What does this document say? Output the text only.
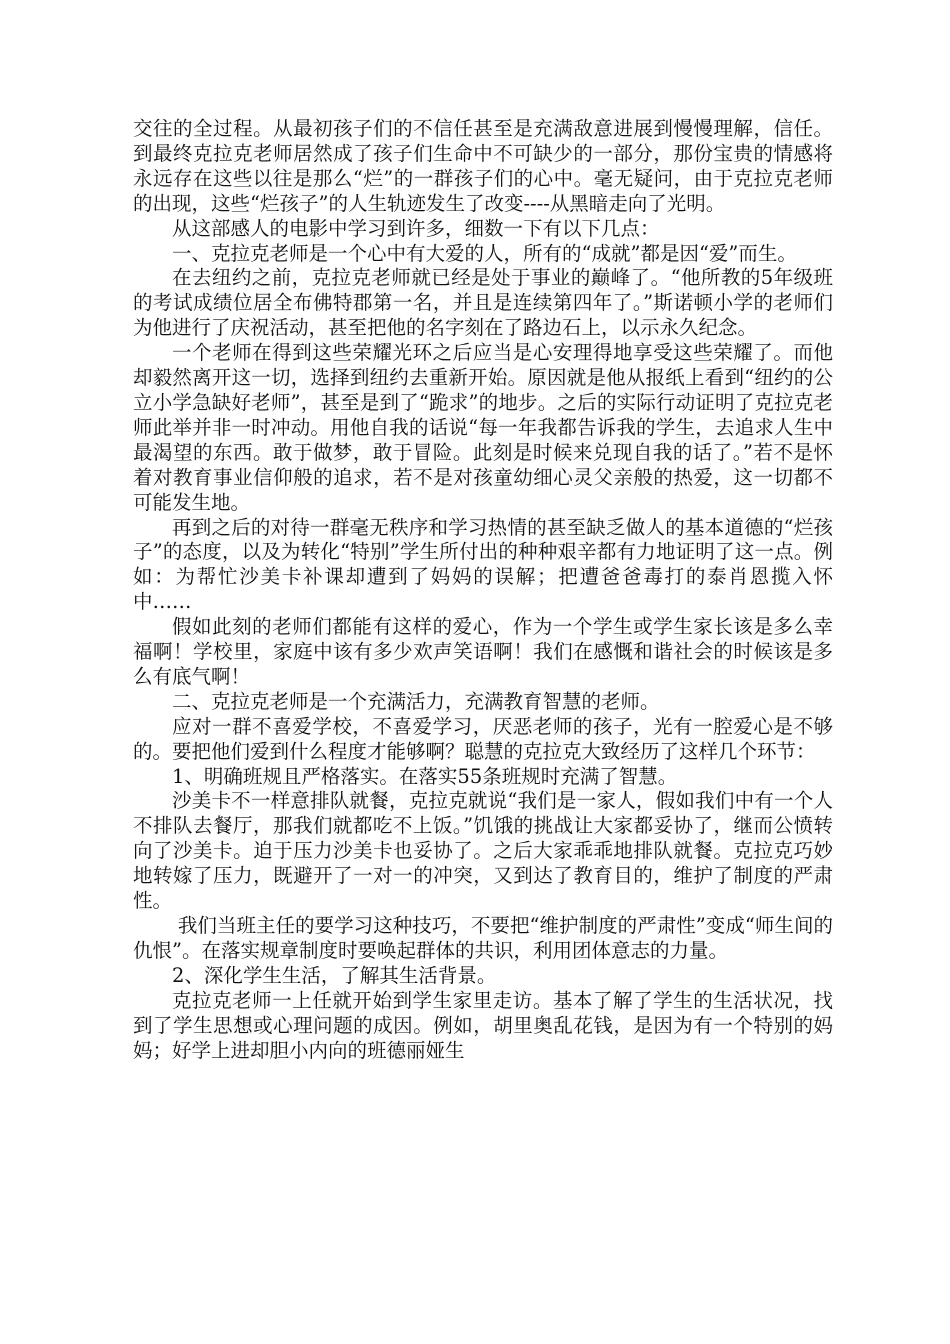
交往的全过程。从最初孩子们的不信任甚至是充满敌意进展到慢慢理解，信任。到最终克拉克老师居然成了孩子们生命中不可缺少的一部分，那份宝贵的情感将永远存在这些以往是那么“烂”的一群孩子们的心中。毫无疑问，由于克拉克老师的出现，这些“烂孩子”的人生轨迹发生了改变----从黑暗走向了光明。

从这部感人的电影中学习到许多，细数一下有以下几点：

一、克拉克老师是一个心中有大爱的人，所有的“成就”都是因“爱”而生。

在去纽约之前，克拉克老师就已经是处于事业的巅峰了。“他所教的5年级班的考试成绩位居全布佛特郡第一名，并且是连续第四年了。”斯诺顿小学的老师们为他进行了庆祝活动，甚至把他的名字刻在了路边石上，以示永久纪念。

一个老师在得到这些荣耀光环之后应当是心安理得地享受这些荣耀了。而他却毅然离开这一切，选择到纽约去重新开始。原因就是他从报纸上看到“纽约的公立小学急缺好老师”，甚至是到了“跪求”的地步。之后的实际行动证明了克拉克老师此举并非一时冲动。用他自我的话说“每一年我都告诉我的学生，去追求人生中最渴望的东西。敢于做梦，敢于冒险。此刻是时候来兑现自我的话了。”若不是怀着对教育事业信仰般的追求，若不是对孩童幼细心灵父亲般的热爱，这一切都不可能发生地。

再到之后的对待一群毫无秩序和学习热情的甚至缺乏做人的基本道德的“烂孩子”的态度，以及为转化“特别”学生所付出的种种艰辛都有力地证明了这一点。例如：为帮忙沙美卡补课却遭到了妈妈的误解；把遭爸爸毒打的泰肖恩揽入怀中……

假如此刻的老师们都能有这样的爱心，作为一个学生或学生家长该是多么幸福啊！学校里，家庭中该有多少欢声笑语啊！我们在感慨和谐社会的时候该是多么有底气啊！

二、克拉克老师是一个充满活力，充满教育智慧的老师。

应对一群不喜爱学校，不喜爱学习，厌恶老师的孩子，光有一腔爱心是不够的。要把他们爱到什么程度才能够啊？聪慧的克拉克大致经历了这样几个环节：

1、明确班规且严格落实。在落实55条班规时充满了智慧。

沙美卡不一样意排队就餐，克拉克就说“我们是一家人，假如我们中有一个人不排队去餐厅，那我们就都吃不上饭。”饥饿的挑战让大家都妥协了，继而公愤转向了沙美卡。迫于压力沙美卡也妥协了。之后大家乖乖地排队就餐。克拉克巧妙地转嫁了压力，既避开了一对一的冲突，又到达了教育目的，维护了制度的严肃性。

我们当班主任的要学习这种技巧，不要把“维护制度的严肃性”变成“师生间的仇恨”。在落实规章制度时要唤起群体的共识，利用团体意志的力量。

2、深化学生生活，了解其生活背景。

克拉克老师一上任就开始到学生家里走访。基本了解了学生的生活状况，找到了学生思想或心理问题的成因。例如，胡里奥乱花钱，是因为有一个特别的妈妈；好学上进却胆小内向的班德丽娅生
